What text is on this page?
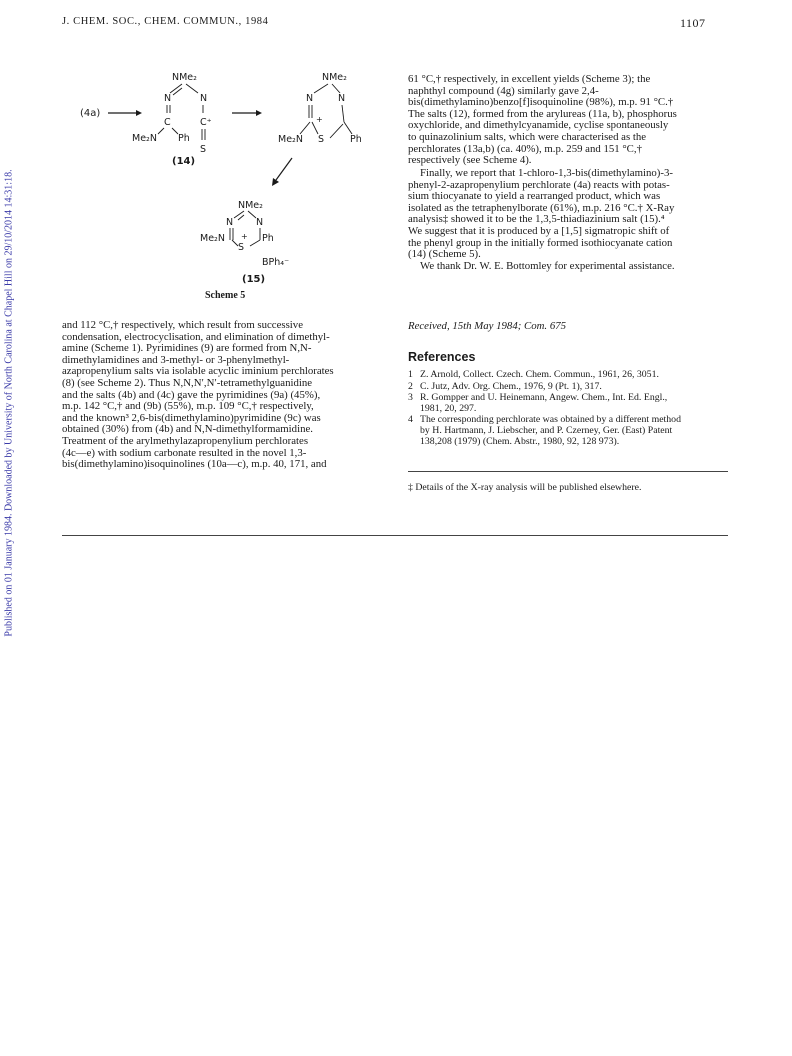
J. CHEM. SOC., CHEM. COMMUN., 1984	1107
Published on 01 January 1984. Downloaded by University of North Carolina at Chapel Hill on 29/10/2014 14:31:18.
(4a)
NMe₂
N	N
C	C⁺
Me₂N Ph
S
(14)
NMe₂
N	N
+
Me₂N S	Ph
NMe₂
N N
Me₂N +
S
Ph
BPh₄⁻
(15)
Scheme 5

and 112 °C,† respectively, which result from successive
condensation, electrocyclisation, and elimination of dimethyl-
amine (Scheme 1). Pyrimidines (9) are formed from N,N-
dimethylamidines and 3-methyl- or 3-phenylmethyl-
azapropenylium salts via isolable acyclic iminium perchlorates
(8) (see Scheme 2). Thus N,N,N′,N′-tetramethylguanidine
and the salts (4b) and (4c) gave the pyrimidines (9a) (45%),
m.p. 142 °C,† and (9b) (55%), m.p. 109 °C,† respectively,
and the known³ 2,6-bis(dimethylamino)pyrimidine (9c) was
obtained (30%) from (4b) and N,N-dimethylformamidine.
Treatment of the arylmethylazapropenylium perchlorates
(4c—e) with sodium carbonate resulted in the novel 1,3-
bis(dimethylamino)isoquinolines (10a—c), m.p. 40, 171, and

61 °C,† respectively, in excellent yields (Scheme 3); the
naphthyl compound (4g) similarly gave 2,4-
bis(dimethylamino)benzo[f]isoquinoline (98%), m.p. 91 °C.†
The salts (12), formed from the arylureas (11a, b), phosphorus
oxychloride, and dimethylcyanamide, cyclise spontaneously
to quinazolinium salts, which were characterised as the
perchlorates (13a,b) (ca. 40%), m.p. 259 and 151 °C,†
respectively (see Scheme 4).

Finally, we report that 1-chloro-1,3-bis(dimethylamino)-3-
phenyl-2-azapropenylium perchlorate (4a) reacts with potas-
sium thiocyanate to yield a rearranged product, which was
isolated as the tetraphenylborate (61%), m.p. 216 °C.† X-Ray
analysis‡ showed it to be the 1,3,5-thiadiazinium salt (15).⁴
We suggest that it is produced by a [1,5] sigmatropic shift of
the phenyl group in the initially formed isothiocyanate cation
(14) (Scheme 5).

We thank Dr. W. E. Bottomley for experimental assistance.

Received, 15th May 1984; Com. 675
References
1 Z. Arnold, Collect. Czech. Chem. Commun., 1961, 26, 3051.
2 C. Jutz, Adv. Org. Chem., 1976, 9 (Pt. 1), 317.
3 R. Gompper and U. Heinemann, Angew. Chem., Int. Ed. Engl.,
1981, 20, 297.
4 The corresponding perchlorate was obtained by a different method
by H. Hartmann, J. Liebscher, and P. Czerney, Ger. (East) Patent
138,208 (1979) (Chem. Abstr., 1980, 92, 128 973).
‡ Details of the X-ray analysis will be published elsewhere.
